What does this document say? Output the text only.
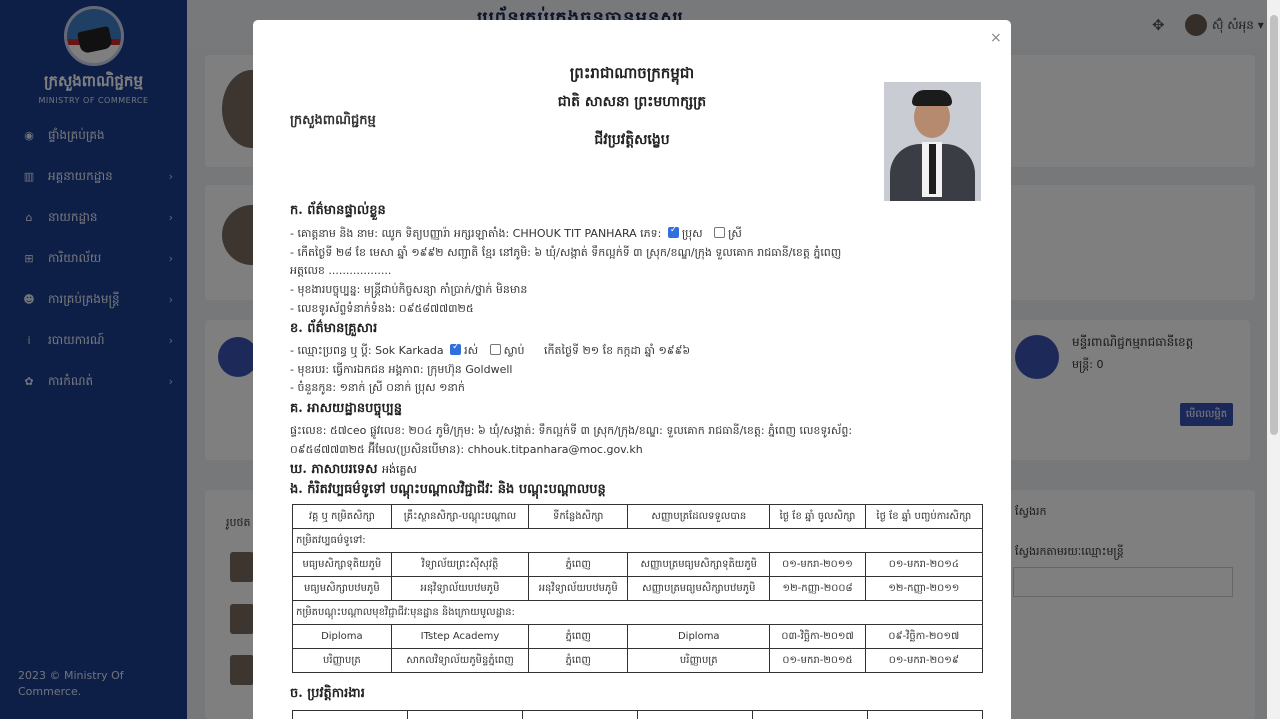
×
ព្រះរាជាណាចក្រកម្ពុជា
ជាតិ សាសនា ព្រះមហាក្សត្រ
ជីវប្រវត្តិសង្ខេប
ក្រសួងពាណិជ្ជកម្ម
ក. ព័ត៌មានផ្ទាល់ខ្លួន
- គោត្តនាម និង នាម: ឈូក ទិត្យបញ្ញារ៉ា អក្សរឡាតាំង: CHHOUK TIT PANHARA ភេទ: ✓ ប្រុស ស្រី
- កើតថ្ងៃទី ២៨ ខែ មេសា ឆ្នាំ ១៩៩២ សញ្ជាតិ ខ្មែរ នៅភូមិ: ៦ ឃុំ/សង្កាត់ ទឹកល្អក់ទី ៣ ស្រុក/ខណ្ឌ/ក្រុង ទួលគោក រាជធានី/ខេត្ត ភ្នំពេញ
អត្តលេខ ..................
- មុខងារបច្ចុប្បន្ន: មន្ត្រីជាប់កិច្ចសន្យា កាំប្រាក់/ថ្នាក់ មិនមាន
- លេខទូរស័ព្ទទំនាក់ទំនង: ០៩៥៨៧៧៣២៥
ខ. ព័ត៌មានគ្រួសារ
- ឈ្មោះប្រពន្ធ ឬ ប្តី: Sok Karkada ✓ រស់ ស្លាប់ កើតថ្ងៃទី ២១ ខែ កក្កដា ឆ្នាំ ១៩៩៦
- មុខរបរ: ធ្វើការឯកជន អង្គភាព: ក្រុមហ៊ុន Goldwell
- ចំនួនកូន: ១នាក់ ស្រី ០នាក់ ប្រុស ១នាក់
គ. អាសយដ្ឋានបច្ចុប្បន្ន
ផ្ទះលេខ: ៥៧ceo ផ្លូវលេខ: ២០៤ ភូមិ/ក្រុម: ៦ ឃុំ/សង្កាត់: ទឹកល្អក់ទី ៣ ស្រុក/ក្រុង/ខណ្ឌ: ទួលគោក រាជធានី/ខេត្ត: ភ្នំពេញ លេខទូរស័ព្ទ:
០៩៥៨៧៧៣២៥ អ៊ីមែល(ប្រសិនបើមាន): chhouk.titpanhara@moc.gov.kh
ឃ. ភាសាបរទេស អង់គ្លេស
ង. កំរិតវប្បធម៌ទូទៅ បណ្ដុះបណ្ដាលវិជ្ជាជីវៈ និង បណ្ដុះបណ្ដាលបន្ត
វគ្គ ឬ កម្រិតសិក្សា	គ្រឹះស្ថានសិក្សា-បណ្ដុះបណ្ដាល	ទីកន្លែងសិក្សា	សញ្ញាបត្រដែលទទួលបាន	ថ្ងៃ ខែ ឆ្នាំ ចូលសិក្សា	ថ្ងៃ ខែ ឆ្នាំ បញ្ចប់ការសិក្សា
កម្រិតវប្បធម៌ទូទៅ:					
មធ្យមសិក្សាទុតិយភូមិ	វិទ្យាល័យព្រះស៊ីសុវត្ថិ	ភ្នំពេញ	សញ្ញាបត្រមធ្យមសិក្សាទុតិយភូមិ	០១-មករា-២០១១	០១-មករា-២០១៤
មធ្យមសិក្សាបឋមភូមិ	អនុវិទ្យាល័យបឋមភូមិ	អនុវិទ្យាល័យបឋមភូមិ	សញ្ញាបត្រមធ្យមសិក្សាបឋមភូមិ	១២-កញ្ញា-២០០៨	១២-កញ្ញា-២០១១
កម្រិតបណ្ដុះបណ្ដាលមុខវិជ្ជាជីវៈមុនដ្ឋាន និងក្រោយមូលដ្ឋាន:					
Diploma	ITstep Academy	ភ្នំពេញ	Diploma	០៣-វិច្ឆិកា-២០១៧	០៩-វិច្ឆិកា-២០១៧
បរិញ្ញាបត្រ	សាកលវិទ្យាល័យភូមិន្ទភ្នំពេញ	ភ្នំពេញ	បរិញ្ញាបត្រ	០១-មករា-២០១៥	០១-មករា-២០១៩
ច. ប្រវត្តិការងារ
